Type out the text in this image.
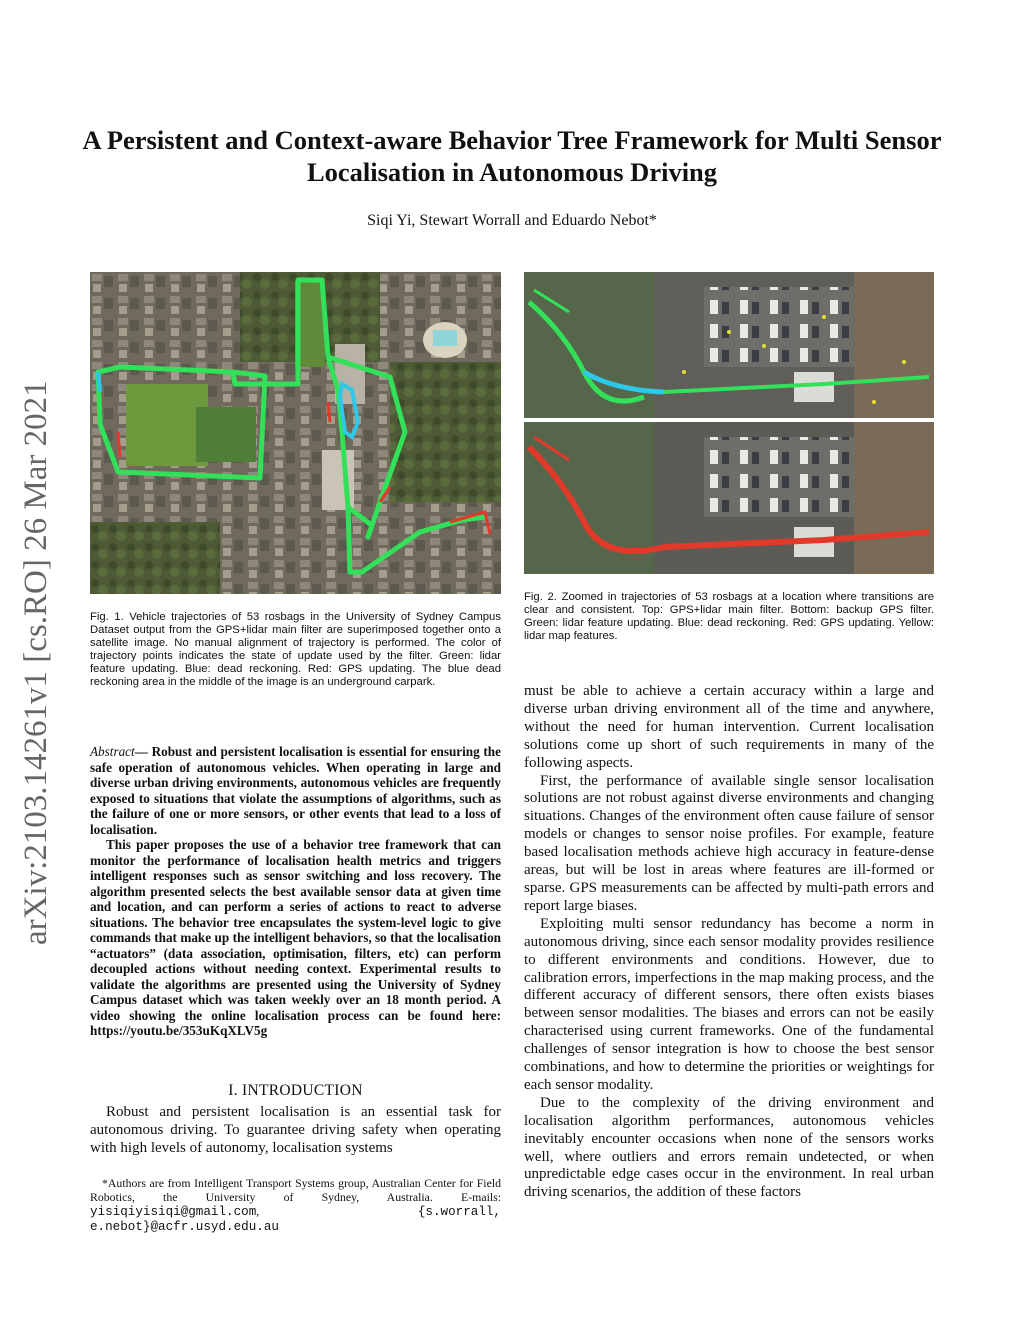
arXiv:2103.14261v1 [cs.RO] 26 Mar 2021
A Persistent and Context-aware Behavior Tree Framework for Multi Sensor Localisation in Autonomous Driving
Siqi Yi, Stewart Worrall and Eduardo Nebot*
Fig. 1. Vehicle trajectories of 53 rosbags in the University of Sydney Campus Dataset output from the GPS+lidar main filter are superimposed together onto a satellite image. No manual alignment of trajectory is performed. The color of trajectory points indicates the state of update used by the filter. Green: lidar feature updating. Blue: dead reckoning. Red: GPS updating. The blue dead reckoning area in the middle of the image is an underground carpark.
Fig. 2. Zoomed in trajectories of 53 rosbags at a location where transitions are clear and consistent. Top: GPS+lidar main filter. Bottom: backup GPS filter. Green: lidar feature updating. Blue: dead reckoning. Red: GPS updating. Yellow: lidar map features.

Abstract— Robust and persistent localisation is essential for ensuring the safe operation of autonomous vehicles. When operating in large and diverse urban driving environments, autonomous vehicles are frequently exposed to situations that violate the assumptions of algorithms, such as the failure of one or more sensors, or other events that lead to a loss of localisation.

This paper proposes the use of a behavior tree framework that can monitor the performance of localisation health metrics and triggers intelligent responses such as sensor switching and loss recovery. The algorithm presented selects the best available sensor data at given time and location, and can perform a series of actions to react to adverse situations. The behavior tree encapsulates the system-level logic to give commands that make up the intelligent behaviors, so that the localisation “actuators” (data association, optimisation, filters, etc) can perform decoupled actions without needing context. Experimental results to validate the algorithms are presented using the University of Sydney Campus dataset which was taken weekly over an 18 month period. A video showing the online localisation process can be found here: https://youtu.be/353uKqXLV5g

I. INTRODUCTION

Robust and persistent localisation is an essential task for autonomous driving. To guarantee driving safety when operating with high levels of autonomy, localisation systems

*Authors are from Intelligent Transport Systems group, Australian Center for Field Robotics, the University of Sydney, Australia. E-mails: yisiqiyisiqi@gmail.com, {s.worrall, e.nebot}@acfr.usyd.edu.au

must be able to achieve a certain accuracy within a large and diverse urban driving environment all of the time and anywhere, without the need for human intervention. Current localisation solutions come up short of such requirements in many of the following aspects.

First, the performance of available single sensor localisation solutions are not robust against diverse environments and changing situations. Changes of the environment often cause failure of sensor models or changes to sensor noise profiles. For example, feature based localisation methods achieve high accuracy in feature-dense areas, but will be lost in areas where features are ill-formed or sparse. GPS measurements can be affected by multi-path errors and report large biases.

Exploiting multi sensor redundancy has become a norm in autonomous driving, since each sensor modality provides resilience to different environments and conditions. However, due to calibration errors, imperfections in the map making process, and the different accuracy of different sensors, there often exists biases between sensor modalities. The biases and errors can not be easily characterised using current frameworks. One of the fundamental challenges of sensor integration is how to choose the best sensor combinations, and how to determine the priorities or weightings for each sensor modality.

Due to the complexity of the driving environment and localisation algorithm performances, autonomous vehicles inevitably encounter occasions when none of the sensors works well, where outliers and errors remain undetected, or when unpredictable edge cases occur in the environment. In real urban driving scenarios, the addition of these factors
